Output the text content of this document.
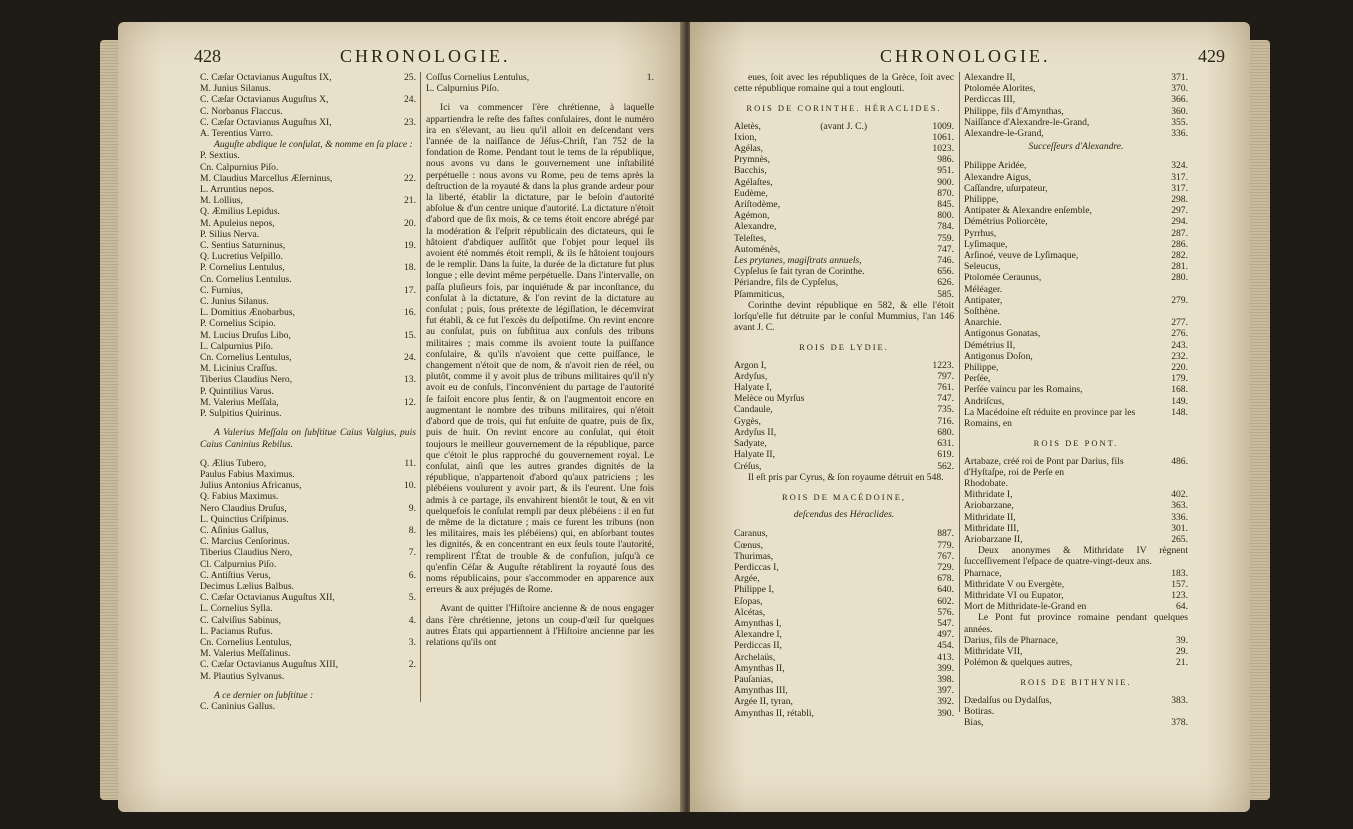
428	CHRONOLOGIE.
C. Cæſar Octavianus Auguſtus IX,	25.
M. Junius Silanus.
C. Cæſar Octavianus Auguſtus X,	24.
C. Norbanus Flaccus.
C. Cæſar Octavianus Auguſtus XI,	23.
A. Terentius Varro.

Auguſte abdique le conſulat, & nomme en ſa place :

P. Sextius.
Cn. Calpurnius Piſo.
M. Claudius Marcellus Æſerninus,	22.
L. Arruntius nepos.
M. Lollius,	21.
Q. Æmilius Lepidus.
M. Apuleius nepos,	20.
P. Silius Nerva.
C. Sentius Saturninus,	19.
Q. Lucretius Veſpillo.
P. Cornelius Lentulus,	18.
Cn. Cornelius Lentulus.
C. Furnius,	17.
C. Junius Silanus.
L. Domitius Ænobarbus,	16.
P. Cornelius Scipio.
M. Lucius Druſus Libo,	15.
L. Calpurnius Piſo.
Cn. Cornelius Lentulus,	24.
M. Licinius Craſſus.
Tiberius Claudius Nero,	13.
P. Quintilius Varus.
M. Valerius Meſſala,	12.
P. Sulpitius Quirinus.

A Valerius Meſſala on ſubſtitue Caius Valgius, puis Caius Caninius Rebilus.

Q. Ælius Tubero,	11.
Paulus Fabius Maximus.
Julius Antonius Africanus,	10.
Q. Fabius Maximus.
Nero Claudius Druſus,	9.
L. Quinctius Criſpinus.
C. Aſinius Gallus,	8.
C. Marcius Cenſorinus.
Tiberius Claudius Nero,	7.
Cl. Calpurnius Piſo.
C. Antiſtius Verus,	6.
Decimus Lælius Balbus.
C. Cæſar Octavianus Auguſtus XII,	5.
L. Cornelius Sylla.
C. Calviſius Sabinus,	4.
L. Pacianus Rufus.
Cn. Cornelius Lentulus,	3.
M. Valerius Meſſalinus.
C. Cæſar Octavianus Auguſtus XIII,	2.
M. Plautius Sylvanus.

A ce dernier on ſubſtitue :

C. Caninius Gallus.
Coſſus Cornelius Lentulus,	1.
L. Calpurnius Piſo.

Ici va commencer l'ère chrétienne, à laquelle appartiendra le reſte des faſtes conſulaires, dont le numéro ira en s'élevant, au lieu qu'il alloit en deſcendant vers l'année de la naiſſance de Jéſus-Chriſt, l'an 752 de la fondation de Rome. Pendant tout le tems de la république, nous avons vu dans le gouvernement une inſtabilité perpétuelle : nous avons vu Rome, peu de tems après la deſtruction de la royauté & dans la plus grande ardeur pour la liberté, établir la dictature, par le beſoin d'autorité abſolue & d'un centre unique d'autorité. La dictature n'étoit d'abord que de ſix mois, & ce tems étoit encore abrégé par la modération & l'eſprit républicain des dictateurs, qui ſe hâtoient d'abdiquer auſſitôt que l'objet pour lequel ils avoient été nommés étoit rempli, & ils ſe hâtoient toujours de le remplir. Dans la ſuite, la durée de la dictature fut plus longue ; elle devint même perpétuelle. Dans l'intervalle, on paſſa pluſieurs fois, par inquiétude & par inconſtance, du conſulat à la dictature, & l'on revint de la dictature au conſulat ; puis, ſous prétexte de légiſlation, le décemvirat fut établi, & ce fut l'excès du deſpotiſme. On revint encore au conſulat, puis on ſubſtitua aux conſuls des tribuns militaires ; mais comme ils avoient toute la puiſſance conſulaire, & qu'ils n'avoient que cette puiſſance, le changement n'étoit que de nom, & n'avoit rien de réel, ou plutôt, comme il y avoit plus de tribuns militaires qu'il n'y avoit eu de conſuls, l'inconvénient du partage de l'autorité ſe faiſoit encore plus ſentir, & on l'augmentoit encore en augmentant le nombre des tribuns militaires, qui n'étoit d'abord que de trois, qui fut enſuite de quatre, puis de ſix, puis de huit. On revint encore au conſulat, qui étoit toujours le meilleur gouvernement de la république, parce que c'étoit le plus rapproché du gouvernement royal. Le conſulat, ainſi que les autres grandes dignités de la république, n'appartenoit d'abord qu'aux patriciens ; les plébéiens voulurent y avoir part, & ils l'eurent. Une fois admis à ce partage, ils envahirent bientôt le tout, & en vit quelquefois le conſulat rempli par deux plébéiens : il en fut de même de la dictature ; mais ce furent les tribuns (non les militaires, mais les plébéiens) qui, en abſorbant toutes les dignités, & en concentrant en eux ſeuls toute l'autorité, remplirent l'État de trouble & de confuſion, juſqu'à ce qu'enfin Céſar & Auguſte rétablirent la royauté ſous des noms républicains, pour s'accommoder en apparence aux erreurs & aux préjugés de Rome.

Avant de quitter l'Hiſtoire ancienne & de nous engager dans l'ère chrétienne, jetons un coup-d'œil ſur quelques autres États qui appartiennent à l'Hiſtoire ancienne par les relations qu'ils ont

CHRONOLOGIE.	429

eues, ſoit avec les républiques de la Grèce, ſoit avec cette république romaine qui a tout englouti.

ROIS DE CORINTHE. HÉRACLIDES.
Aletès,	(avant J. C.)	1009.
Ixion,	1061.
Agélas,	1023.
Prymnès,	986.
Bacchis,	951.
Agélaſtes,	900.
Eudème,	870.
Ariſtodème,	845.
Agémon,	800.
Alexandre,	784.
Teleſtes,	759.
Automénès,	747.
Les prytanes, magiſtrats annuels,	746.
Cypſelus ſe fait tyran de Corinthe.	656.
Périandre, fils de Cypſelus,	626.
Pſammiticus,	585.

Corinthe devint république en 582, & elle l'étoit lorſqu'elle fut détruite par le conſul Mummius, l'an 146 avant J. C.

ROIS DE LYDIE.
Argon I,	1223.
Ardyſus,	797.
Halyate I,	761.
Melèce ou Myrſus	747.
Candaule,	735.
Gygès,	716.
Ardyſus II,	680.
Sadyate,	631.
Halyate II,	619.
Créſus,	562.

Il eſt pris par Cyrus, & ſon royaume détruit en 548.

ROIS DE MACÉDOINE,
deſcendus des Héraclides.
Caranus,	887.
Cœnus,	779.
Thurimas,	767.
Perdiccas I,	729.
Argée,	678.
Philippe I,	640.
Eſopas,	602.
Alcétas,	576.
Amynthas I,	547.
Alexandre I,	497.
Perdiccas II,	454.
Archelaüs,	413.
Amynthas II,	399.
Pauſanias,	398.
Amynthas III,	397.
Argée II, tyran,	392.
Amynthas II, rétabli,	390.
Alexandre II,	371.
Ptolomée Alorites,	370.
Perdiccas III,	366.
Philippe, fils d'Amynthas,	360.
Naiſſance d'Alexandre-le-Grand,	355.
Alexandre-le-Grand,	336.
Succeſſeurs d'Alexandre.
Philippe Aridée,	324.
Alexandre Aigus,	317.
Caſſandre, uſurpateur,	317.
Philippe,	298.
Antipater & Alexandre enſemble,	297.
Démétrius Poliorcète,	294.
Pyrrhus,	287.
Lyſimaque,	286.
Arſinoé, veuve de Lyſimaque,	282.
Seleucus,	281.
Ptolomée Ceraunus,	280.
Méléager.
Antipater,	279.
Soſthène.
Anarchie.	277.
Antigonus Gonatas,	276.
Démétrius II,	243.
Antigonus Doſon,	232.
Philippe,	220.
Perſée,	179.
Perſée vaincu par les Romains,	168.
Andriſcus,	149.
La Macédoine eſt réduite en province par les Romains, en
148.
ROIS DE PONT.
Artabaze, créé roi de Pont par Darius, fils d'Hyſtaſpe, roi de Perſe en
486.
Rhodobate.
Mithridate I,	402.
Ariobarzane,	363.
Mithridate II,	336.
Mithridate III,	301.
Ariobarzane II,	265.

Deux anonymes & Mithridate IV règnent ſucceſſivement l'eſpace de quatre-vingt-deux ans.

Pharnace,	183.
Mithridate V ou Evergète,	157.
Mithridate VI ou Eupator,	123.
Mort de Mithridate-le-Grand en	64.

Le Pont fut province romaine pendant quelques années.

Darius, fils de Pharnace,	39.
Mithridate VII,	29.
Polémon & quelques autres,	21.
ROIS DE BITHYNIE.
Dædalſus ou Dydalſus,	383.
Botiras.
Bias,	378.
